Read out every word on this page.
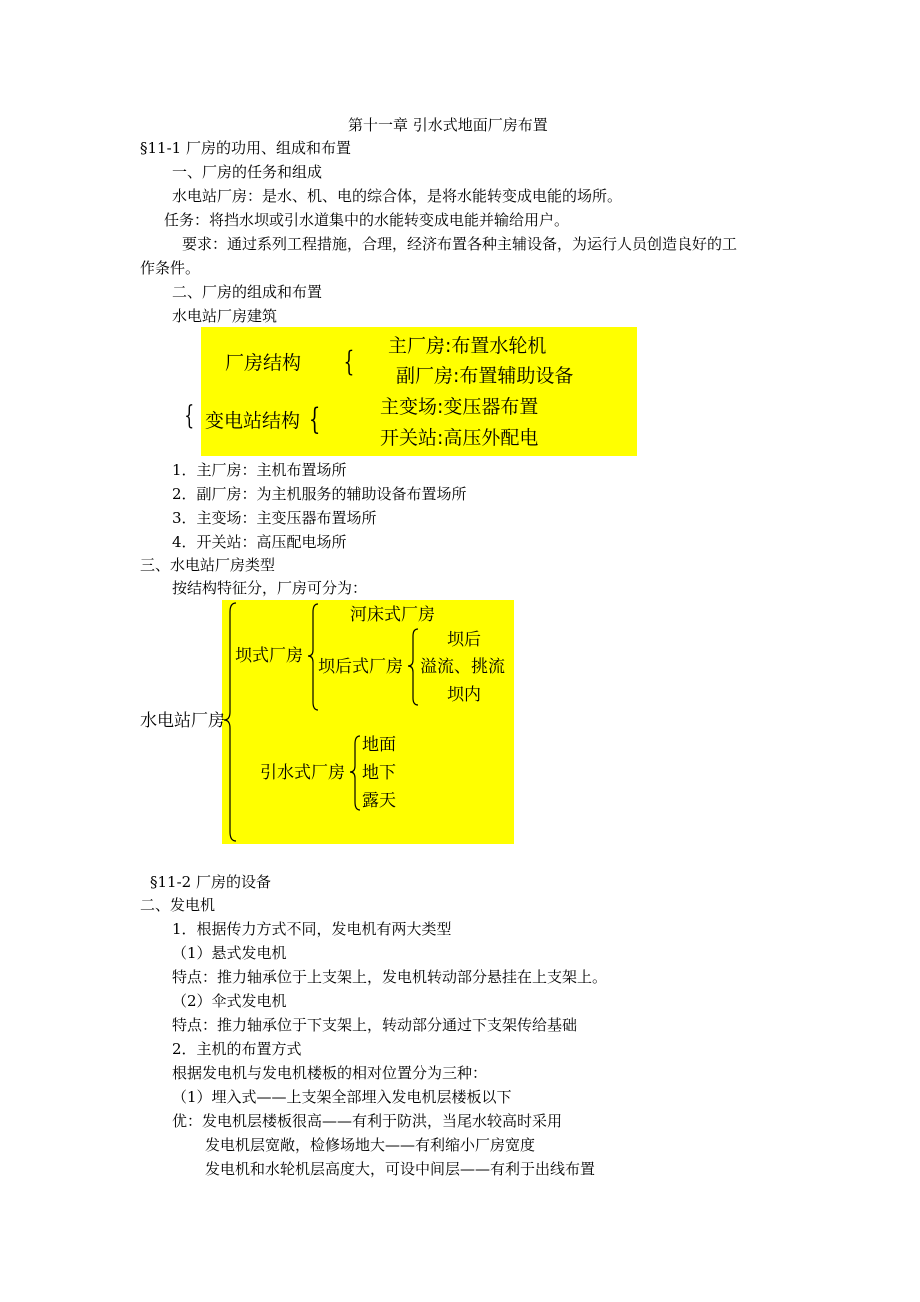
第十一章 引水式地面厂房布置
§11-1 厂房的功用、组成和布置
一、厂房的任务和组成
水电站厂房：是水、机、电的综合体，是将水能转变成电能的场所。
任务：将挡水坝或引水道集中的水能转变成电能并输给用户。
要求：通过系列工程措施，合理，经济布置各种主辅设备，为运行人员创造良好的工
作条件。
二、厂房的组成和布置
水电站厂房建筑
厂房结构
变电站结构
主厂房:布置水轮机
副厂房:布置辅助设备
主变场:变压器布置
开关站:高压外配电
{
{	{
1．主厂房：主机布置场所
2．副厂房：为主机服务的辅助设备布置场所
3．主变场：主变压器布置场所
4．开关站：高压配电场所
三、水电站厂房类型
按结构特征分，厂房可分为：
水电站厂房
坝式厂房
河床式厂房
坝后式厂房
坝后
溢流、挑流
坝内
引水式厂房
地面
地下
露天
§11-2 厂房的设备
二、发电机
1．根据传力方式不同，发电机有两大类型
（1）悬式发电机
特点：推力轴承位于上支架上，发电机转动部分悬挂在上支架上。
（2）伞式发电机
特点：推力轴承位于下支架上，转动部分通过下支架传给基础
2．主机的布置方式
根据发电机与发电机楼板的相对位置分为三种：
（1）埋入式——上支架全部埋入发电机层楼板以下
优：发电机层楼板很高——有利于防洪，当尾水较高时采用
发电机层宽敞，检修场地大——有利缩小厂房宽度
发电机和水轮机层高度大，可设中间层——有利于出线布置
